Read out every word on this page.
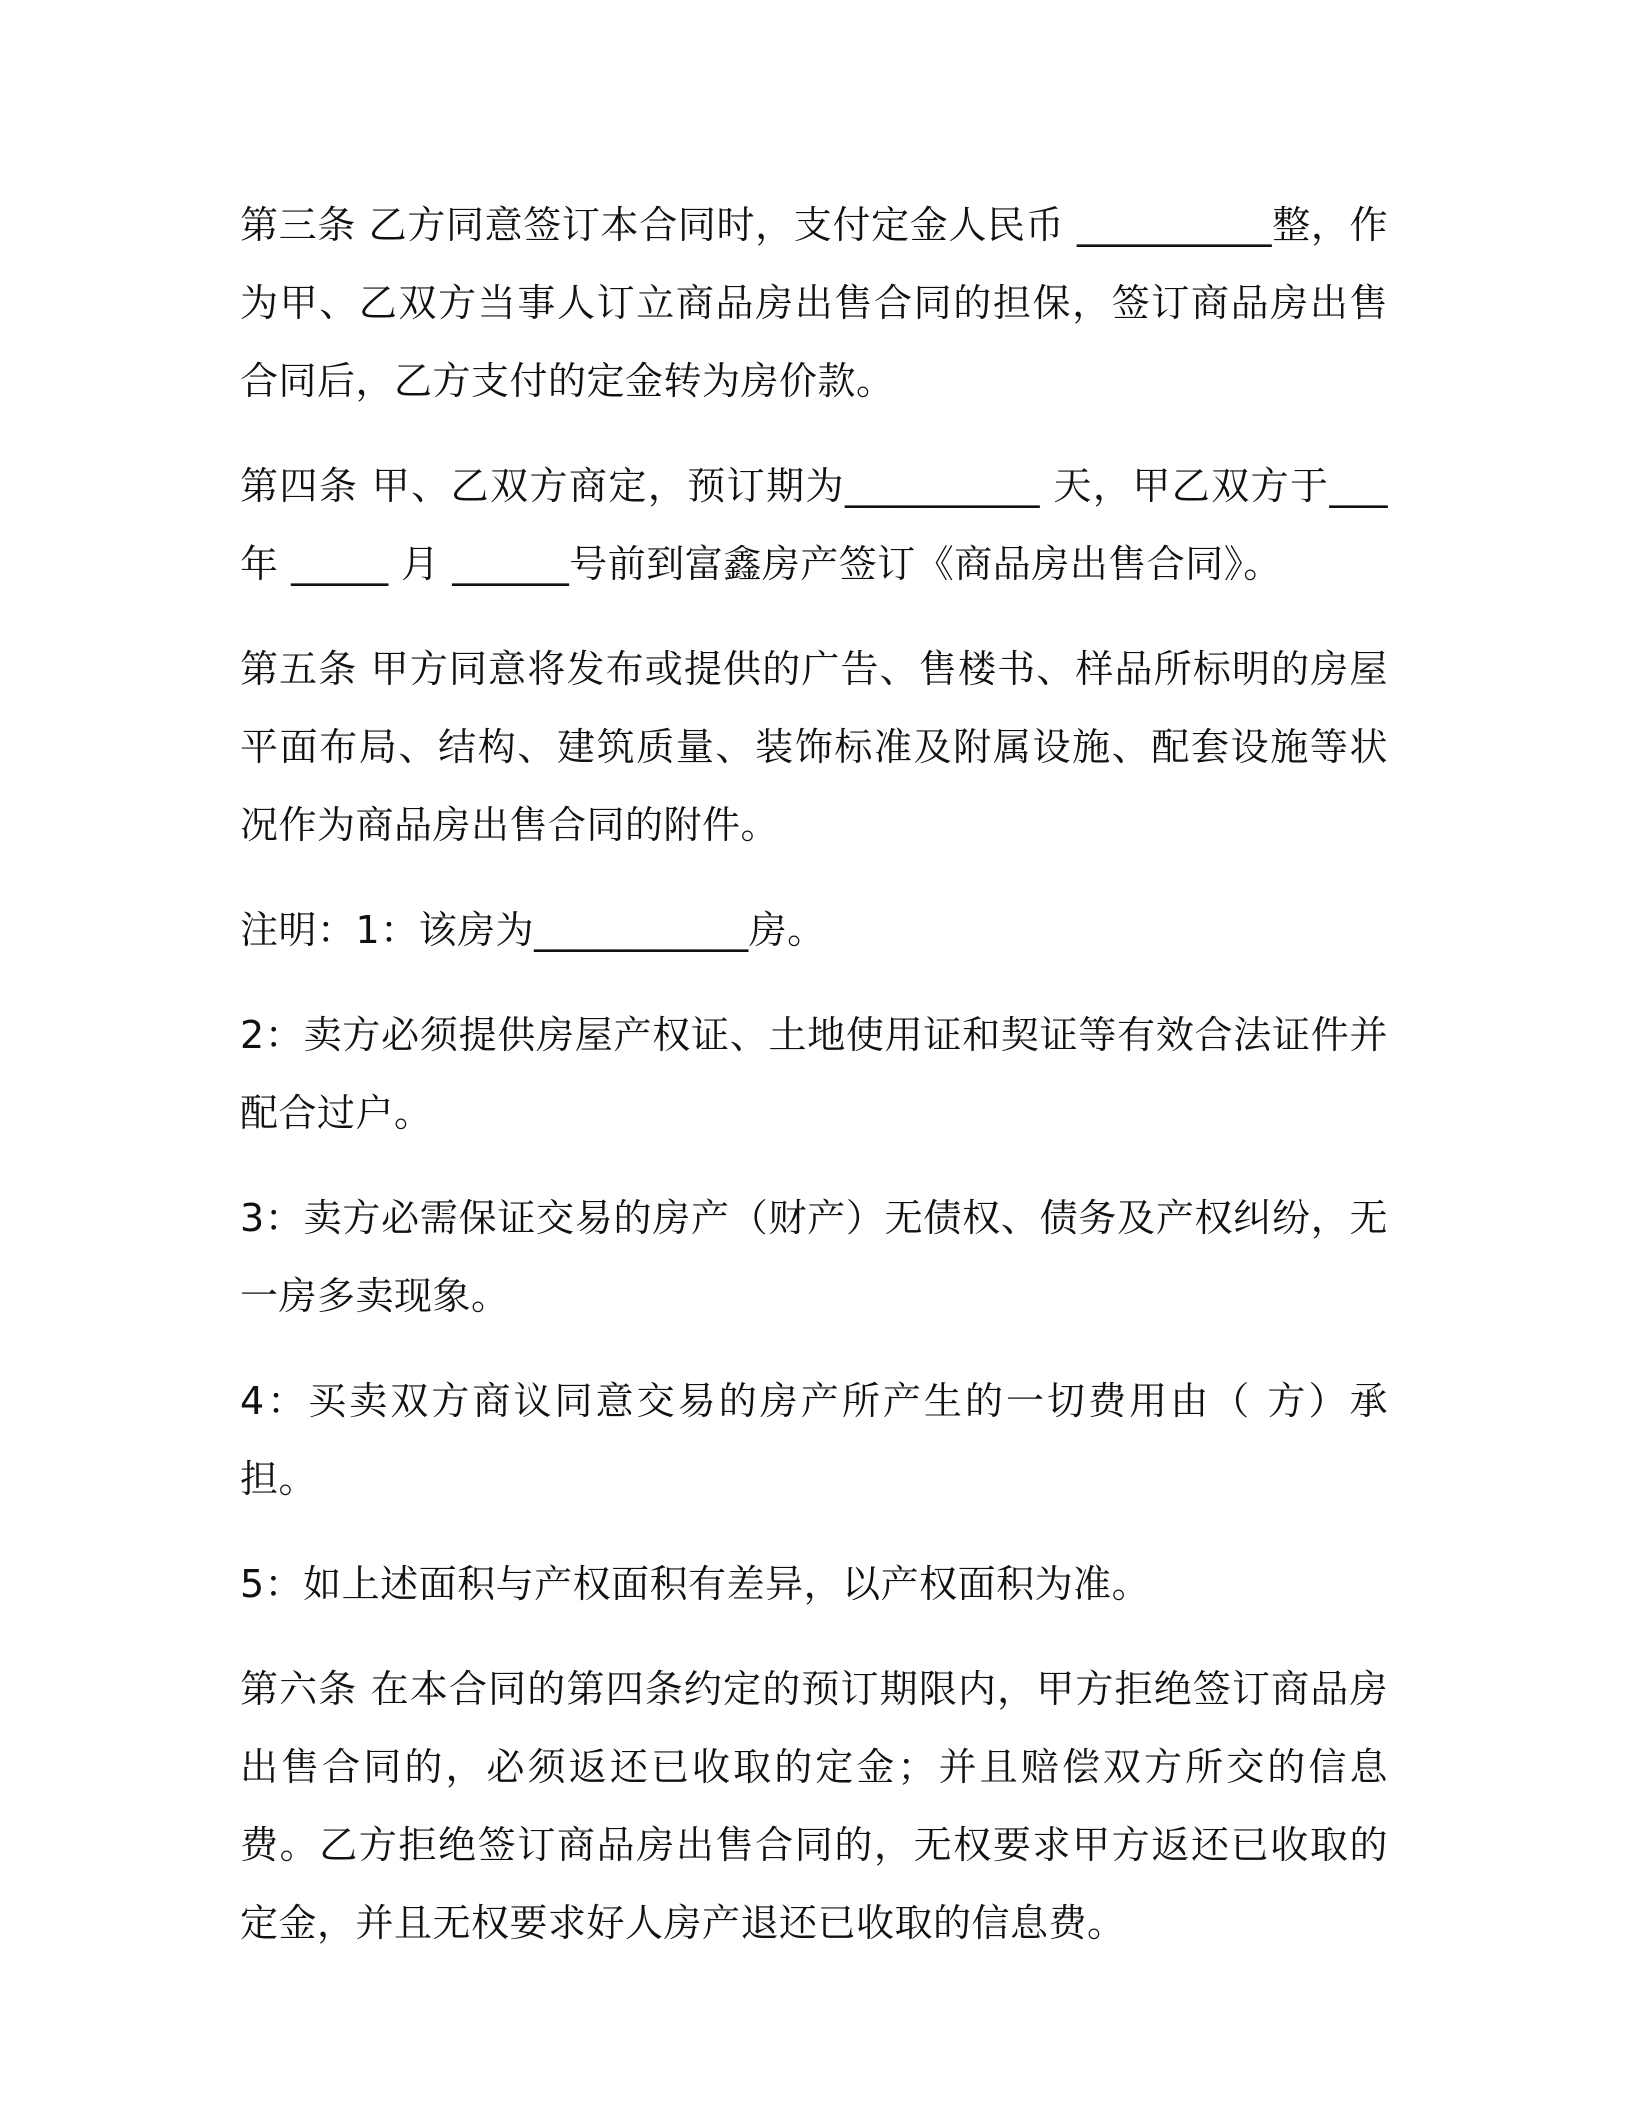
第三条 乙方同意签订本合同时，支付定金人民币 __________整，作为甲、乙双方当事人订立商品房出售合同的担保，签订商品房出售合同后，乙方支付的定金转为房价款。

第四条 甲、乙双方商定，预订期为__________ 天，甲乙双方于___ 年 _____ 月 ______号前到富鑫房产签订《商品房出售合同》。

第五条 甲方同意将发布或提供的广告、售楼书、样品所标明的房屋平面布局、结构、建筑质量、装饰标准及附属设施、配套设施等状况作为商品房出售合同的附件。

注明：1：该房为___________房。

2：卖方必须提供房屋产权证、土地使用证和契证等有效合法证件并配合过户。

3：卖方必需保证交易的房产（财产）无债权、债务及产权纠纷，无一房多卖现象。

4：买卖双方商议同意交易的房产所产生的一切费用由（ 方）承担。

5：如上述面积与产权面积有差异，以产权面积为准。

第六条 在本合同的第四条约定的预订期限内，甲方拒绝签订商品房出售合同的，必须返还已收取的定金；并且赔偿双方所交的信息费。乙方拒绝签订商品房出售合同的，无权要求甲方返还已收取的定金，并且无权要求好人房产退还已收取的信息费。
